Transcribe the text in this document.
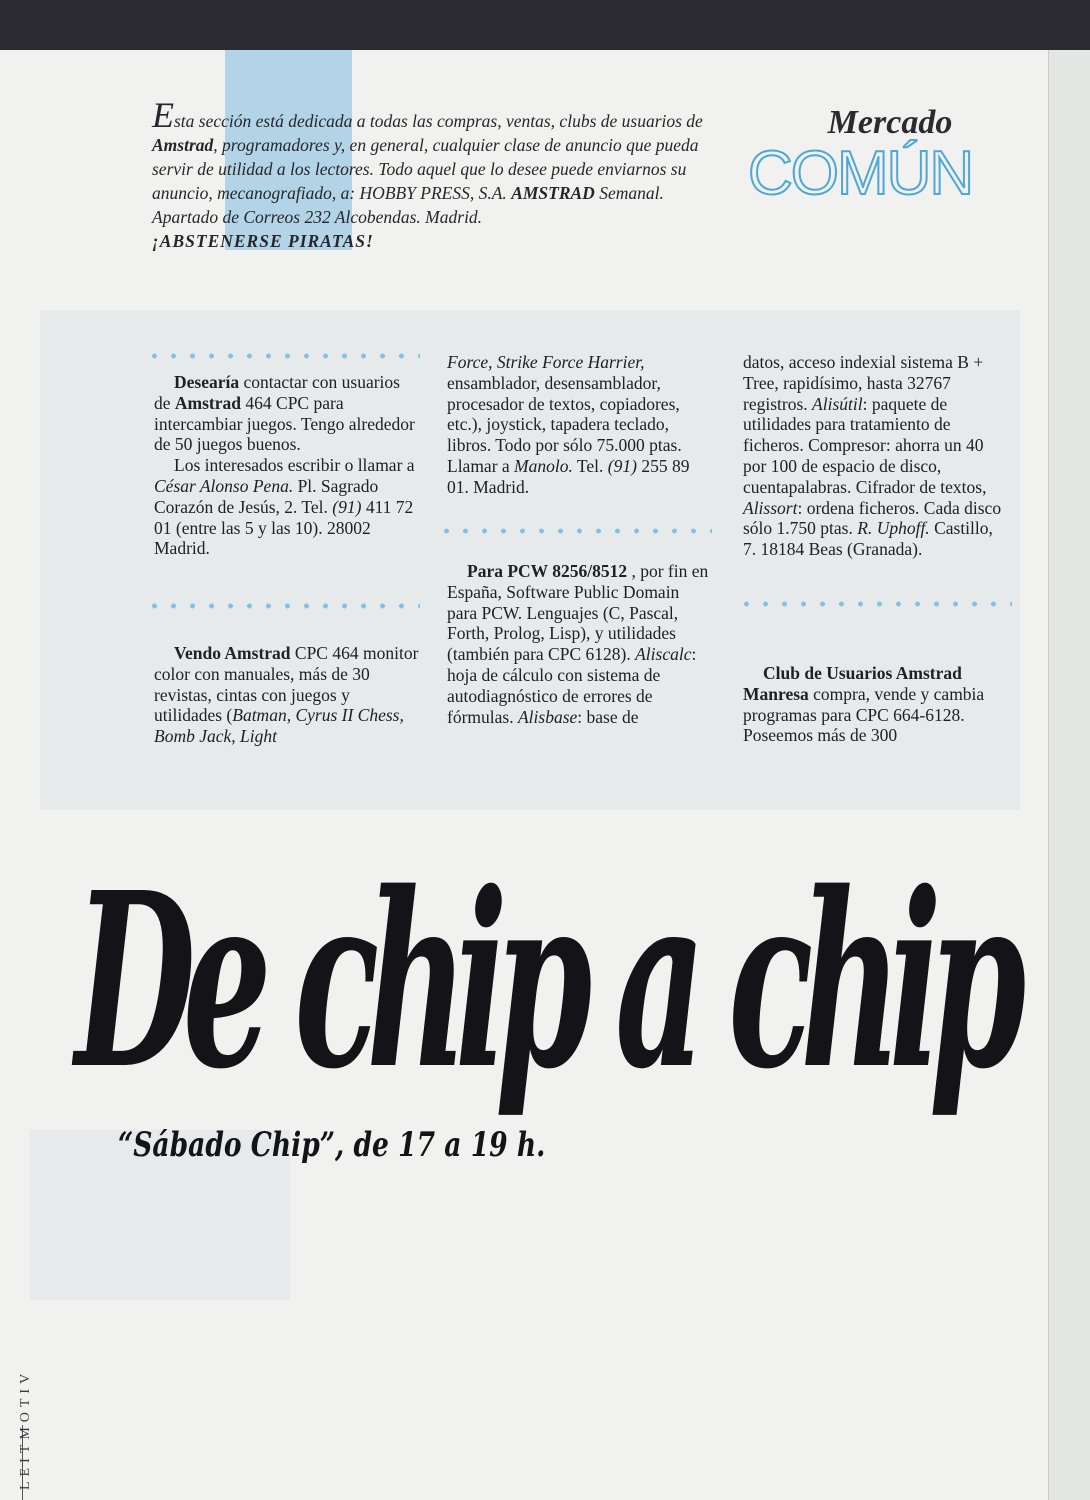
Esta sección está dedicada a todas las compras, ventas, clubs de usuarios de Amstrad, programadores y, en general, cualquier clase de anuncio que pueda servir de utilidad a los lectores. Todo aquel que lo desee puede enviarnos su anuncio, mecanografiado, a: HOBBY PRESS, S.A. AMSTRAD Semanal. Apartado de Correos 232 Alcobendas. Madrid.
¡ABSTENERSE PIRATAS!
Mercado
COMÚN

Desearía contactar con usuarios de Amstrad 464 CPC para intercambiar juegos. Tengo alrededor de 50 juegos buenos.

Los interesados escribir o llamar a César Alonso Pena. Pl. Sagrado Corazón de Jesús, 2. Tel. (91) 411 72 01 (entre las 5 y las 10). 28002 Madrid.

Vendo Amstrad CPC 464 monitor color con manuales, más de 30 revistas, cintas con juegos y utilidades (Batman, Cyrus II Chess, Bomb Jack, Light

Force, Strike Force Harrier, ensamblador, desensamblador, procesador de textos, copiadores, etc.), joystick, tapadera teclado, libros. Todo por sólo 75.000 ptas. Llamar a Manolo. Tel. (91) 255 89 01. Madrid.

Para PCW 8256/8512 , por fin en España, Software Public Domain para PCW. Lenguajes (C, Pascal, Forth, Prolog, Lisp), y utilidades (también para CPC 6128). Aliscalc: hoja de cálculo con sistema de autodiagnóstico de errores de fórmulas. Alisbase: base de

datos, acceso indexial sistema B + Tree, rapidísimo, hasta 32767 registros. Alisútil: paquete de utilidades para tratamiento de ficheros. Compresor: ahorra un 40 por 100 de espacio de disco, cuentapalabras. Cifrador de textos, Alissort: ordena ficheros. Cada disco sólo 1.750 ptas. R. Uphoff. Castillo, 7. 18184 Beas (Granada).

Club de Usuarios Amstrad Manresa compra, vende y cambia programas para CPC 664-6128. Poseemos más de 300

De chip a chip
“Sábado Chip”, de 17 a 19 h.
LEITMOTIV
